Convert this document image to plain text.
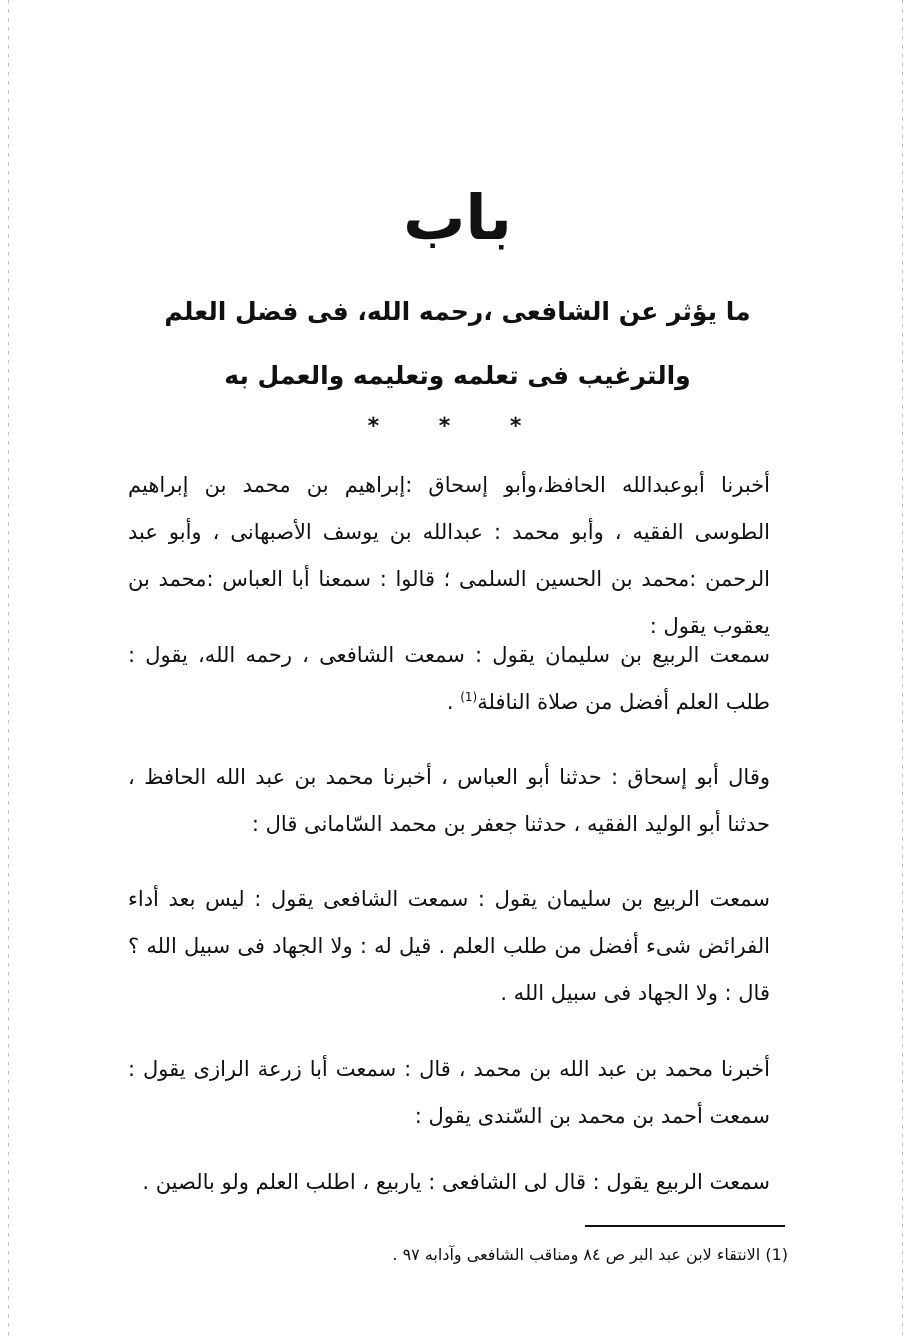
باب
ما يؤثر عن الشافعى ،رحمه الله، فى فضل العلم والترغيب فى تعلمه وتعليمه والعمل به
* * *
أخبرنا أبوعبدالله الحافظ،وأبو إسحاق :إبراهيم بن محمد بن إبراهيم الطوسى الفقيه ، وأبو محمد : عبدالله بن يوسف الأصبهانى ، وأبو عبد الرحمن :محمد بن الحسين السلمى ؛ قالوا : سمعنا أبا العباس :محمد بن يعقوب يقول :
سمعت الربيع بن سليمان يقول : سمعت الشافعى ، رحمه الله، يقول : طلب العلم أفضل من صلاة النافلة$^{(1)}$ .
وقال أبو إسحاق : حدثنا أبو العباس ، أخبرنا محمد بن عبد الله الحافظ ، حدثنا أبو الوليد الفقيه ، حدثنا جعفر بن محمد السّامانى قال :
سمعت الربيع بن سليمان يقول : سمعت الشافعى يقول : ليس بعد أداء الفرائض شىء أفضل من طلب العلم . قيل له : ولا الجهاد فى سبيل الله ؟ قال : ولا الجهاد فى سبيل الله .
أخبرنا محمد بن عبد الله بن محمد ، قال : سمعت أبا زرعة الرازى يقول : سمعت أحمد بن محمد بن السّندى يقول :
سمعت الربيع يقول : قال لى الشافعى : ياربيع ، اطلب العلم ولو بالصين .
(1) الانتقاء لابن عبد البر ص ٨٤ ومناقب الشافعى وآدابه ٩٧ .
